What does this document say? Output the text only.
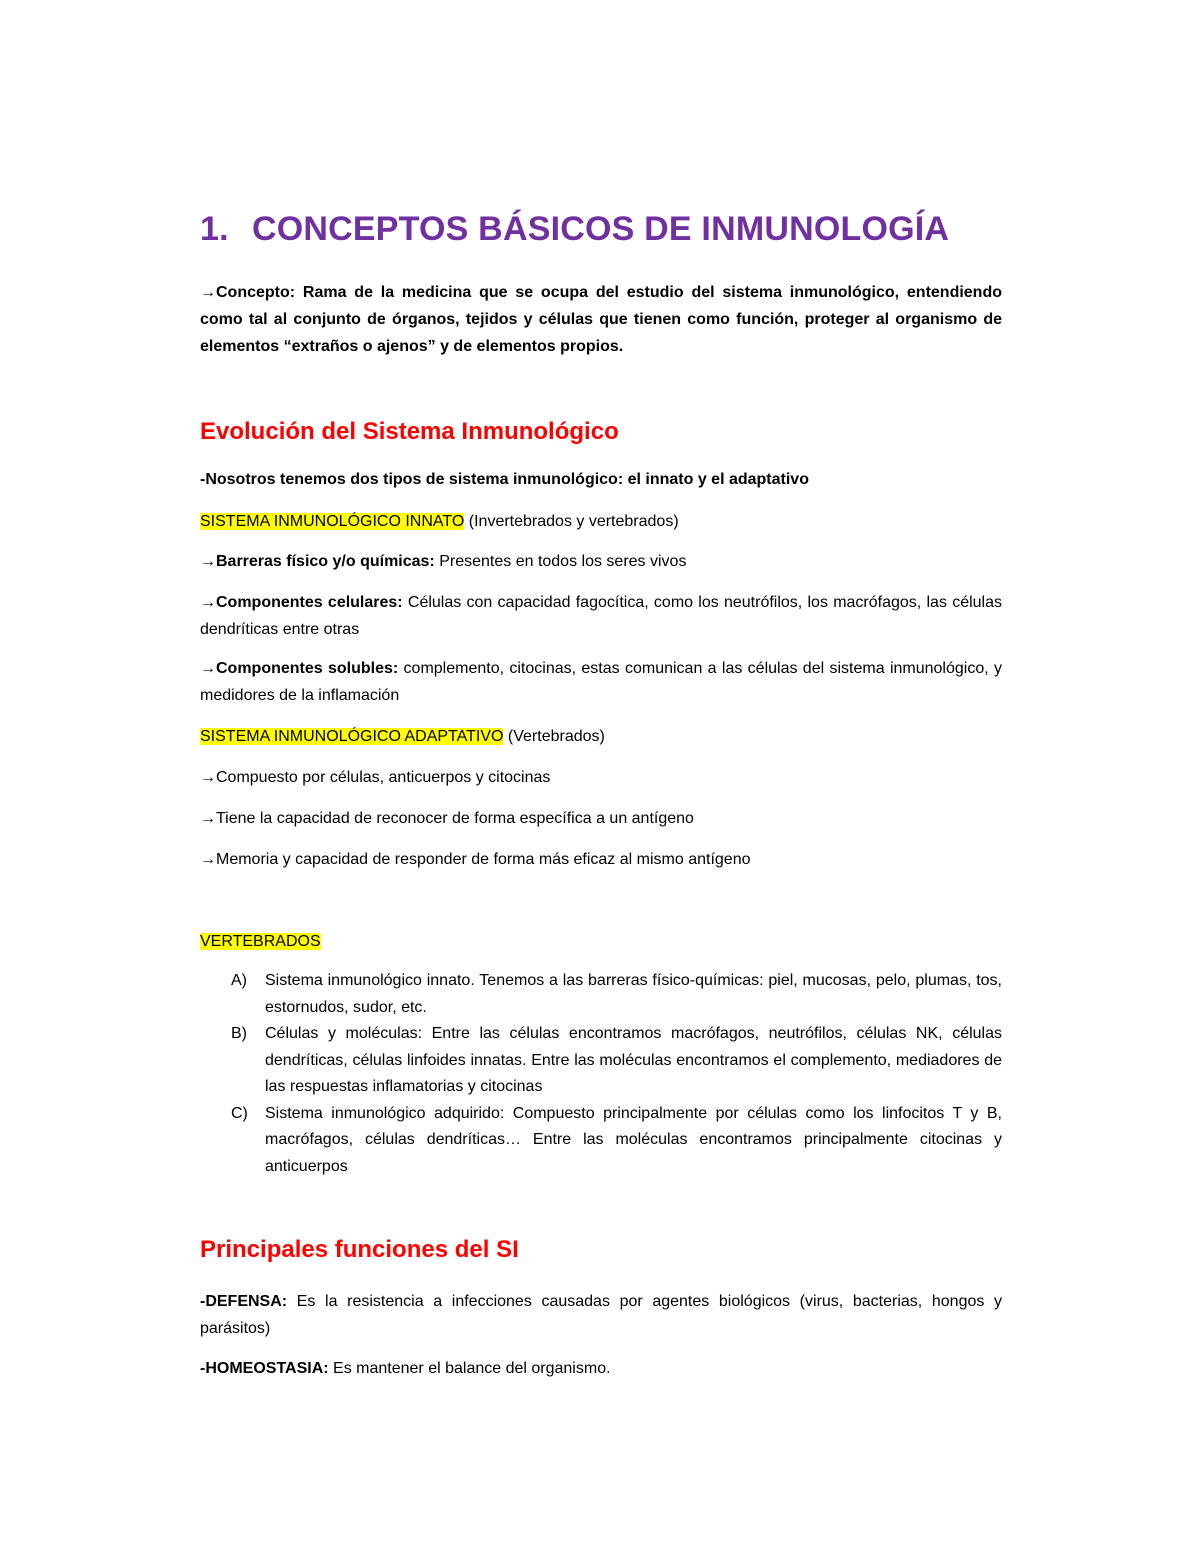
1. CONCEPTOS BÁSICOS DE INMUNOLOGÍA
→Concepto: Rama de la medicina que se ocupa del estudio del sistema inmunológico, entendiendo como tal al conjunto de órganos, tejidos y células que tienen como función, proteger al organismo de elementos “extraños o ajenos” y de elementos propios.
Evolución del Sistema Inmunológico
-Nosotros tenemos dos tipos de sistema inmunológico: el innato y el adaptativo
SISTEMA INMUNOLÓGICO INNATO (Invertebrados y vertebrados)
→Barreras físico y/o químicas: Presentes en todos los seres vivos
→Componentes celulares: Células con capacidad fagocítica, como los neutrófilos, los macrófagos, las células dendríticas entre otras
→Componentes solubles: complemento, citocinas, estas comunican a las células del sistema inmunológico, y medidores de la inflamación
SISTEMA INMUNOLÓGICO ADAPTATIVO (Vertebrados)
→Compuesto por células, anticuerpos y citocinas
→Tiene la capacidad de reconocer de forma específica a un antígeno
→Memoria y capacidad de responder de forma más eficaz al mismo antígeno
VERTEBRADOS
A) Sistema inmunológico innato. Tenemos a las barreras físico-químicas: piel, mucosas, pelo, plumas, tos, estornudos, sudor, etc.
B) Células y moléculas: Entre las células encontramos macrófagos, neutrófilos, células NK, células dendríticas, células linfoides innatas. Entre las moléculas encontramos el complemento, mediadores de las respuestas inflamatorias y citocinas
C) Sistema inmunológico adquirido: Compuesto principalmente por células como los linfocitos T y B, macrófagos, células dendríticas… Entre las moléculas encontramos principalmente citocinas y anticuerpos
Principales funciones del SI
-DEFENSA: Es la resistencia a infecciones causadas por agentes biológicos (virus, bacterias, hongos y parásitos)
-HOMEOSTASIA: Es mantener el balance del organismo.
